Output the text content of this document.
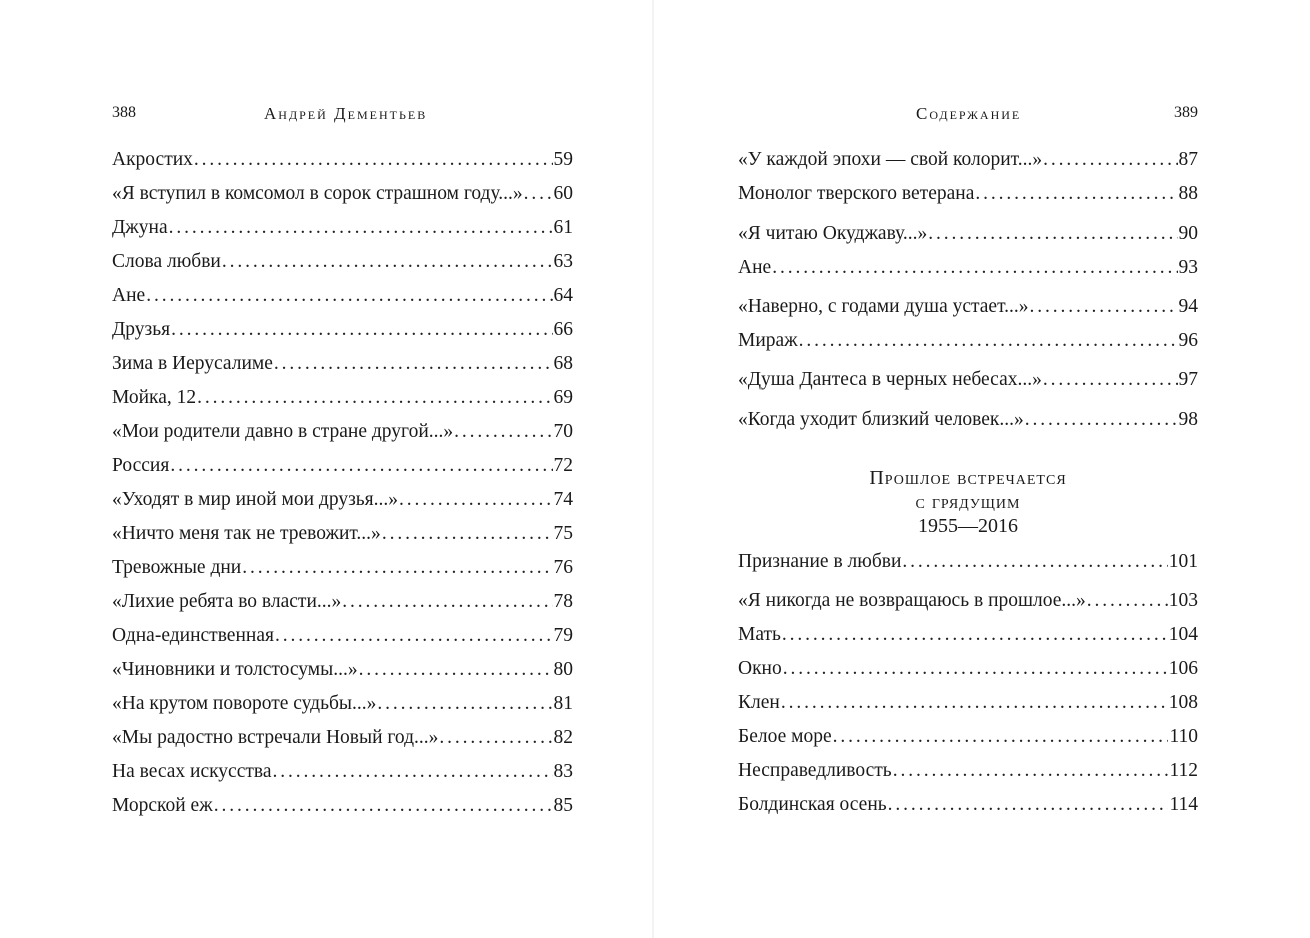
388	Андрей Дементьев	Содержание	389
Прошлое встречается
с грядущим
1955—2016
Акростих . . .	59
«Я вступил в комсомол в сорок страшном году...» . . . 60
Джуна . . .	61
Слова любви . . .	63
Ане . . .	64
Друзья . . .	66
Зима в Иерусалиме . . .	68
Мойка, 12 . . .	69
«Мои родители давно в стране другой...» . . .	70
Россия . . .	72
«Уходят в мир иной мои друзья...» . . .	74
«Ничто меня так не тревожит...» . . .	75
Тревожные дни . . .	76
«Лихие ребята во власти...» . . .	78
Одна-единственная . . .	79
«Чиновники и толстосумы...» . . .	80
«На крутом повороте судьбы...» . . .	81
«Мы радостно встречали Новый год...» . . .	82
На весах искусства . . .	83
Морской еж . . .	85
«У каждой эпохи — свой колорит...» . . .	87
Монолог тверского ветерана . . .	88
«Я читаю Окуджаву...» . . .	90
Ане . . .	93
«Наверно, с годами душа устает...» . . .	94
Мираж . . .	96
«Душа Дантеса в черных небесах...» . . .	97
«Когда уходит близкий человек...» . . .	98
Признание в любви . . .	101
«Я никогда не возвращаюсь в прошлое...» . . .	103
Мать . . .	104
Окно . . .	106
Клен . . .	108
Белое море . . .	110
Несправедливость . . .	112
Болдинская осень . . .	114
